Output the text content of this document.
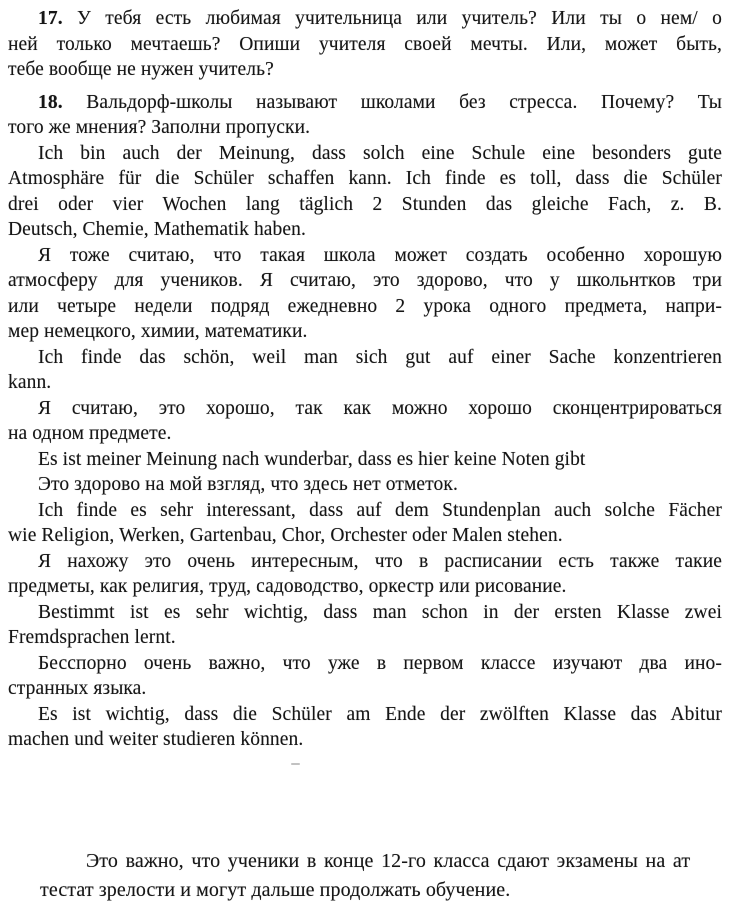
17. У тебя есть любимая учительница или учитель? Или ты о нем/ о
ней только мечтаешь? Опиши учителя своей мечты. Или, может быть,
тебе вообще не нужен учитель?

18. Вальдорф-школы называют школами без стресса. Почему? Ты
того же мнения? Заполни пропуски.

Ich bin auch der Meinung, dass solch eine Schule eine besonders gute
Atmosphäre für die Schüler schaffen kann. Ich finde es toll, dass die Schüler
drei oder vier Wochen lang täglich 2 Stunden das gleiche Fach, z. B.
Deutsch, Chemie, Mathematik haben.

Я тоже считаю, что такая школа может создать особенно хорошую
атмосферу для учеников. Я считаю, это здорово, что у школьнтков три
или четыре недели подряд ежедневно 2 урока одного предмета, напри-
мер немецкого, химии, математики.

Ich finde das schön, weil man sich gut auf einer Sache konzentrieren
kann.

Я считаю, это хорошо, так как можно хорошо сконцентрироваться
на одном предмете.

Es ist meiner Meinung nach wunderbar, dass es hier keine Noten gibt

Это здорово на мой взгляд, что здесь нет отметок.

Ich finde es sehr interessant, dass auf dem Stundenplan auch solche Fächer
wie Religion, Werken, Gartenbau, Chor, Orchester oder Malen stehen.

Я нахожу это очень интересным, что в расписании есть также такие
предметы, как религия, труд, садоводство, оркестр или рисование.

Bestimmt ist es sehr wichtig, dass man schon in der ersten Klasse zwei
Fremdsprachen lernt.

Бесспорно очень важно, что уже в первом классе изучают два ино-
странных языка.

Es ist wichtig, dass die Schüler am Ende der zwölften Klasse das Abitur
machen und weiter studieren können.

Это важно, что ученики в конце 12-го класса сдают экзамены на ат
тестат зрелости и могут дальше продолжать обучение.
